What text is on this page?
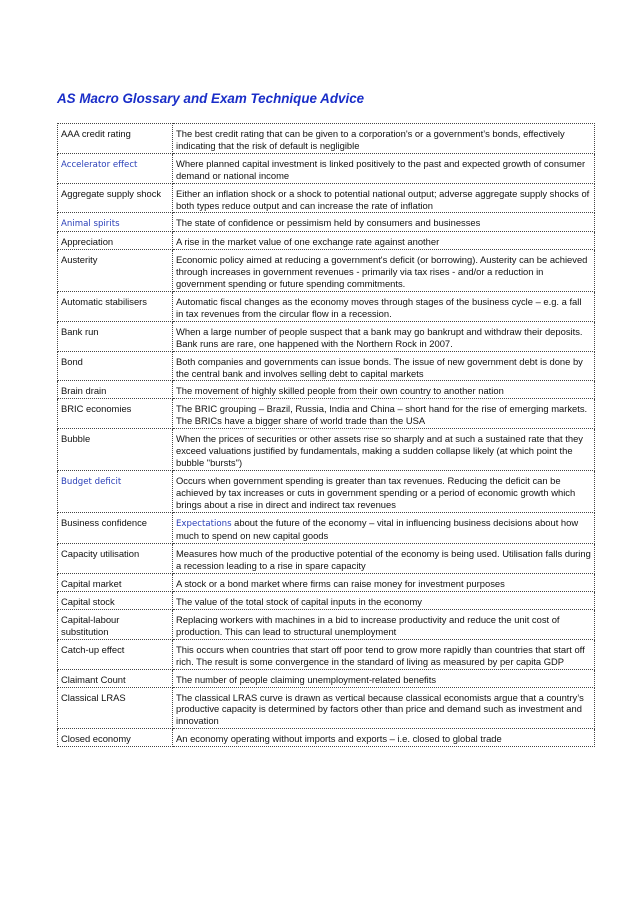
AS Macro Glossary and Exam Technique Advice
AAA credit rating	The best credit rating that can be given to a corporation's or a government’s bonds, effectively indicating that the risk of default is negligible
Accelerator effect	Where planned capital investment is linked positively to the past and expected growth of consumer demand or national income
Aggregate supply shock	Either an inflation shock or a shock to potential national output; adverse aggregate supply shocks of both types reduce output and can increase the rate of inflation
Animal spirits	The state of confidence or pessimism held by consumers and businesses
Appreciation	A rise in the market value of one exchange rate against another
Austerity	Economic policy aimed at reducing a government's deficit (or borrowing). Austerity can be achieved through increases in government revenues - primarily via tax rises - and/or a reduction in government spending or future spending commitments.
Automatic stabilisers	Automatic fiscal changes as the economy moves through stages of the business cycle – e.g. a fall in tax revenues from the circular flow in a recession.
Bank run	When a large number of people suspect that a bank may go bankrupt and withdraw their deposits. Bank runs are rare, one happened with the Northern Rock in 2007.
Bond	Both companies and governments can issue bonds. The issue of new government debt is done by the central bank and involves selling debt to capital markets
Brain drain	The movement of highly skilled people from their own country to another nation
BRIC economies	The BRIC grouping – Brazil, Russia, India and China – short hand for the rise of emerging markets. The BRICs have a bigger share of world trade than the USA
Bubble	When the prices of securities or other assets rise so sharply and at such a sustained rate that they exceed valuations justified by fundamentals, making a sudden collapse likely (at which point the bubble "bursts")
Budget deficit	Occurs when government spending is greater than tax revenues. Reducing the deficit can be achieved by tax increases or cuts in government spending or a period of economic growth which brings about a rise in direct and indirect tax revenues
Business confidence	Expectations about the future of the economy – vital in influencing business decisions about how much to spend on new capital goods
Capacity utilisation	Measures how much of the productive potential of the economy is being used. Utilisation falls during a recession leading to a rise in spare capacity
Capital market	A stock or a bond market where firms can raise money for investment purposes
Capital stock	The value of the total stock of capital inputs in the economy
Capital-labour substitution	Replacing workers with machines in a bid to increase productivity and reduce the unit cost of production. This can lead to structural unemployment
Catch-up effect	This occurs when countries that start off poor tend to grow more rapidly than countries that start off rich. The result is some convergence in the standard of living as measured by per capita GDP
Claimant Count	The number of people claiming unemployment-related benefits
Classical LRAS	The classical LRAS curve is drawn as vertical because classical economists argue that a country’s productive capacity is determined by factors other than price and demand such as investment and innovation
Closed economy	An economy operating without imports and exports – i.e. closed to global trade
